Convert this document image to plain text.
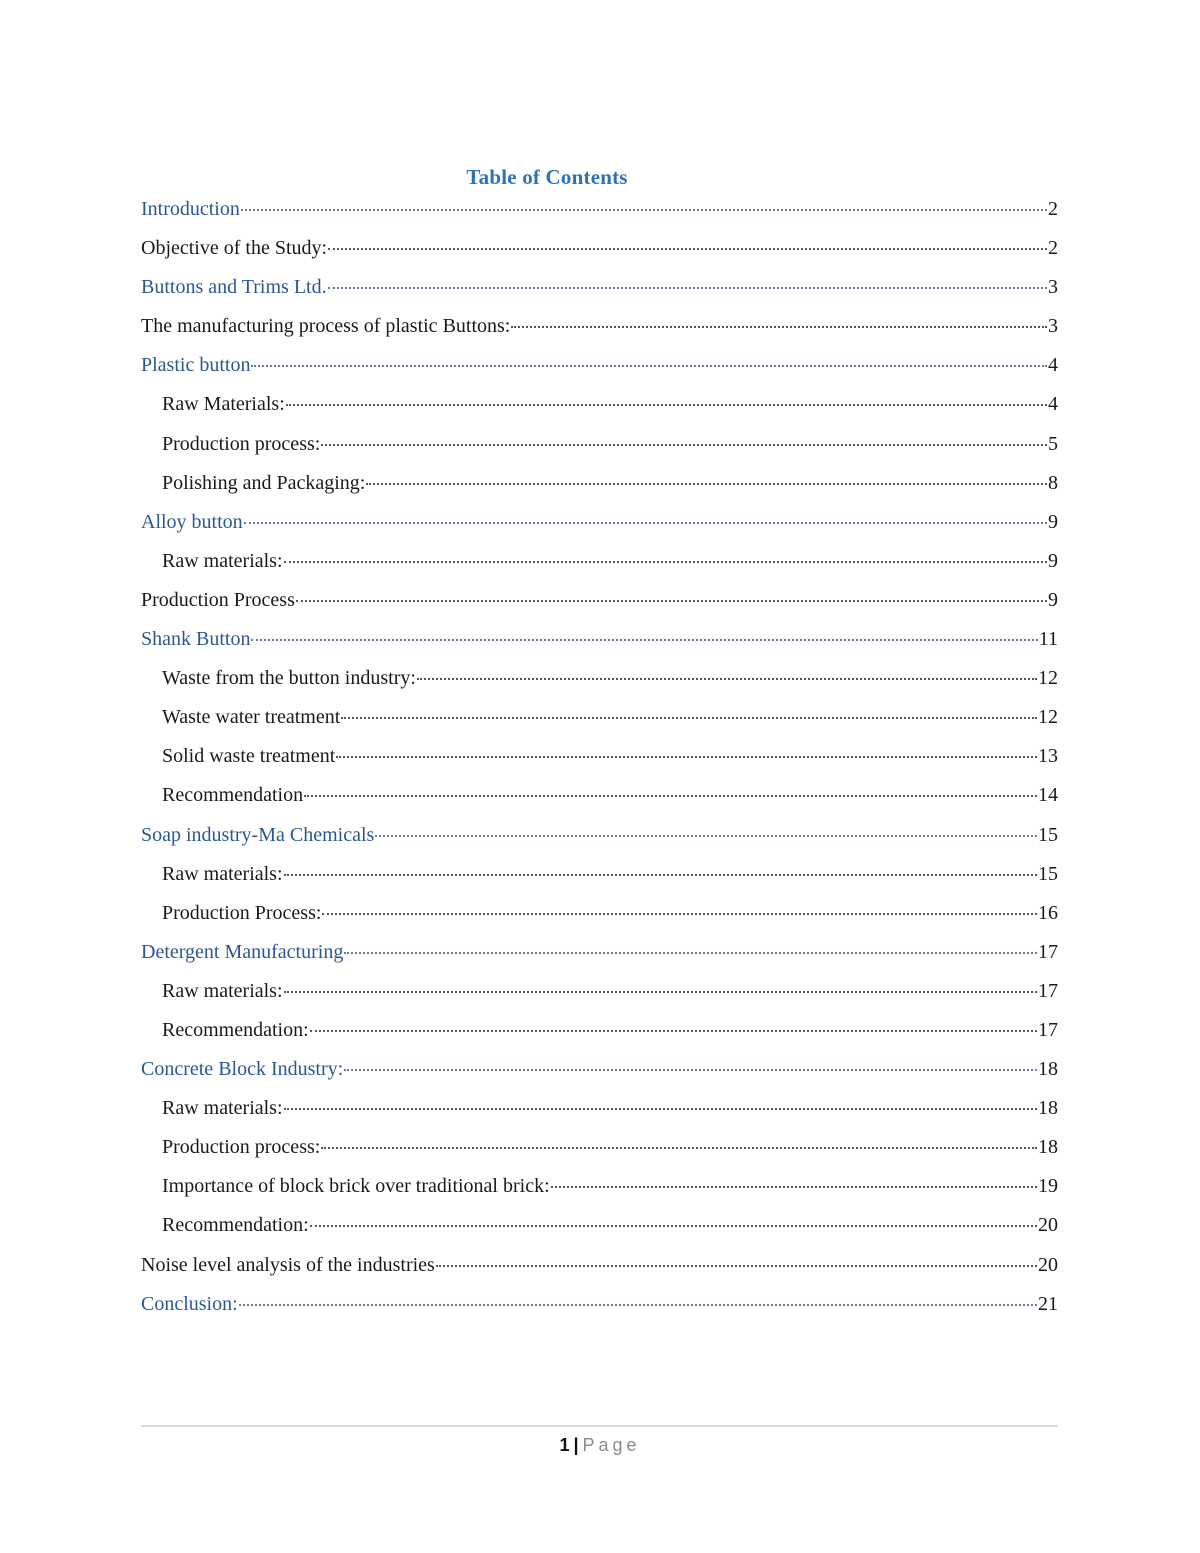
Table of Contents
Introduction	2
Objective of the Study:	2
Buttons and Trims Ltd.	3
The manufacturing process of plastic Buttons:	3
Plastic button	4
Raw Materials:	4
Production process:	5
Polishing and Packaging:	8
Alloy button	9
Raw materials:	9
Production Process	9
Shank Button	11
Waste from the button industry:	12
Waste water treatment	12
Solid waste treatment	13
Recommendation	14
Soap industry-Ma Chemicals	15
Raw materials:	15
Production Process:	16
Detergent Manufacturing	17
Raw materials:	17
Recommendation:	17
Concrete Block Industry:	18
Raw materials:	18
Production process:	18
Importance of block brick over traditional brick:	19
Recommendation:	20
Noise level analysis of the industries	20
Conclusion:	21
1 | Page
